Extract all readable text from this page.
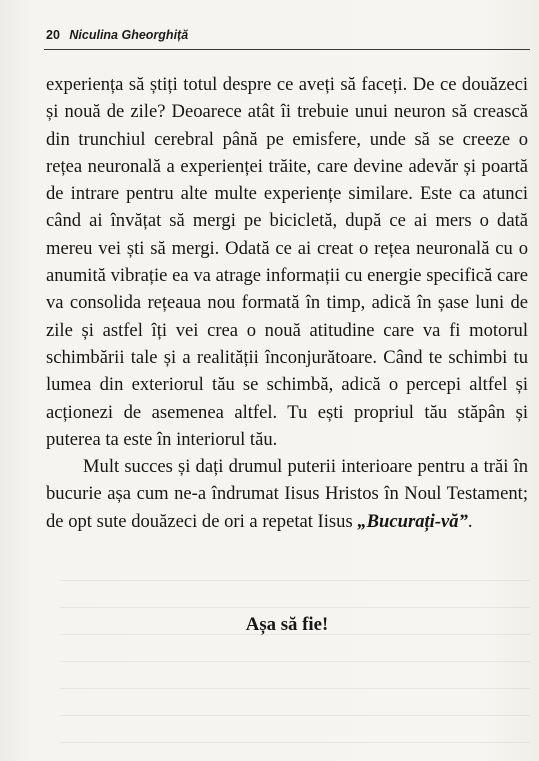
20 Niculina Gheorghiță

experiența să știți totul despre ce aveți să faceți. De ce douăzeci și nouă de zile? Deoarece atât îi trebuie unui neuron să crească din trunchiul cerebral până pe emisfere, unde să se creeze o rețea neuronală a experienței trăite, care devine adevăr și poartă de intrare pentru alte multe experiențe similare. Este ca atunci când ai învățat să mergi pe bicicletă, după ce ai mers o dată mereu vei ști să mergi. Odată ce ai creat o rețea neuronală cu o anumită vibrație ea va atrage informații cu energie specifică care va consolida rețeaua nou formată în timp, adică în șase luni de zile și astfel îți vei crea o nouă atitudine care va fi motorul schimbării tale și a realității înconjurătoare. Când te schimbi tu lumea din exteriorul tău se schimbă, adică o percepi altfel și acționezi de asemenea altfel. Tu ești propriul tău stăpân și puterea ta este în interiorul tău.

Mult succes și dați drumul puterii interioare pentru a trăi în bucurie așa cum ne-a îndrumat Iisus Hristos în Noul Testament; de opt sute douăzeci de ori a repetat Iisus „Bucurați-vă”.

Așa să fie!
